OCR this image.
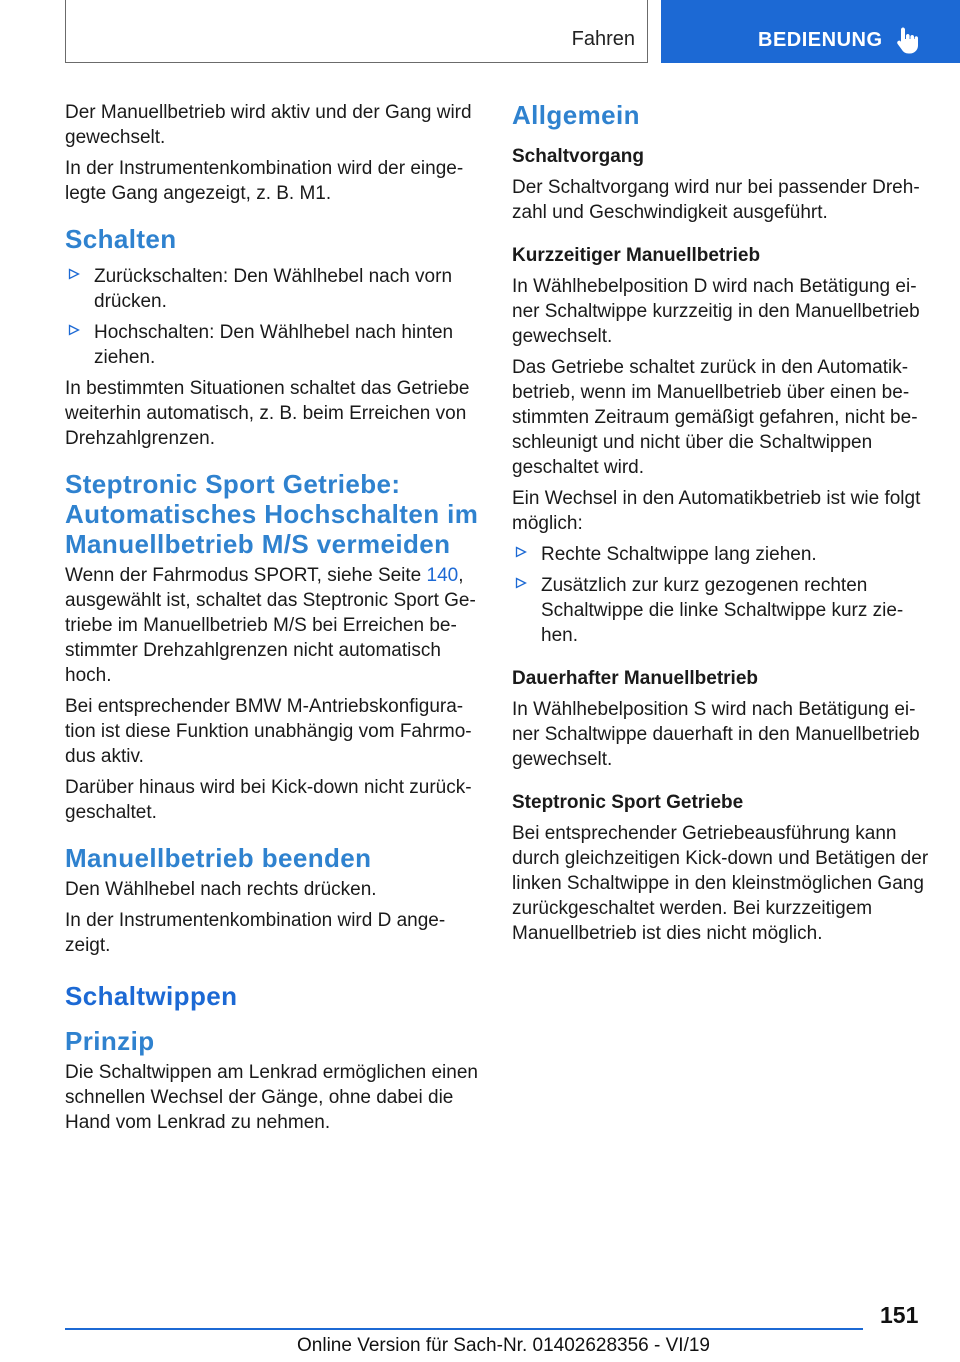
Fahren	BEDIENUNG

Der Manuellbetrieb wird aktiv und der Gang wird gewechselt.

In der Instrumentenkombination wird der eingelegte Gang angezeigt, z. B. M1.

Schalten
Zurückschalten: Den Wählhebel nach vorn drücken.
Hochschalten: Den Wählhebel nach hinten ziehen.

In bestimmten Situationen schaltet das Getriebe weiterhin automatisch, z. B. beim Erreichen von Drehzahlgrenzen.

Steptronic Sport Getriebe: Automatisches Hochschalten im Manuellbetrieb M/S vermeiden

Wenn der Fahrmodus SPORT, siehe Seite 140, ausgewählt ist, schaltet das Steptronic Sport Getriebe im Manuellbetrieb M/S bei Erreichen bestimmter Drehzahlgrenzen nicht automatisch hoch.

Bei entsprechender BMW M-Antriebskonfiguration ist diese Funktion unabhängig vom Fahrmodus aktiv.

Darüber hinaus wird bei Kick-down nicht zurückgeschaltet.

Manuellbetrieb beenden

Den Wählhebel nach rechts drücken.

In der Instrumentenkombination wird D angezeigt.

Schaltwippen
Prinzip

Die Schaltwippen am Lenkrad ermöglichen einen schnellen Wechsel der Gänge, ohne dabei die Hand vom Lenkrad zu nehmen.

Allgemein
Schaltvorgang

Der Schaltvorgang wird nur bei passender Drehzahl und Geschwindigkeit ausgeführt.

Kurzzeitiger Manuellbetrieb

In Wählhebelposition D wird nach Betätigung einer Schaltwippe kurzzeitig in den Manuellbetrieb gewechselt.

Das Getriebe schaltet zurück in den Automatikbetrieb, wenn im Manuellbetrieb über einen bestimmten Zeitraum gemäßigt gefahren, nicht beschleunigt und nicht über die Schaltwippen geschaltet wird.

Ein Wechsel in den Automatikbetrieb ist wie folgt möglich:

Rechte Schaltwippe lang ziehen.
Zusätzlich zur kurz gezogenen rechten Schaltwippe die linke Schaltwippe kurz ziehen.
Dauerhafter Manuellbetrieb

In Wählhebelposition S wird nach Betätigung einer Schaltwippe dauerhaft in den Manuellbetrieb gewechselt.

Steptronic Sport Getriebe

Bei entsprechender Getriebeausführung kann durch gleichzeitigen Kick-down und Betätigen der linken Schaltwippe in den kleinstmöglichen Gang zurückgeschaltet werden. Bei kurzzeitigem Manuellbetrieb ist dies nicht möglich.

151
Online Version für Sach-Nr. 01402628356 - VI/19
